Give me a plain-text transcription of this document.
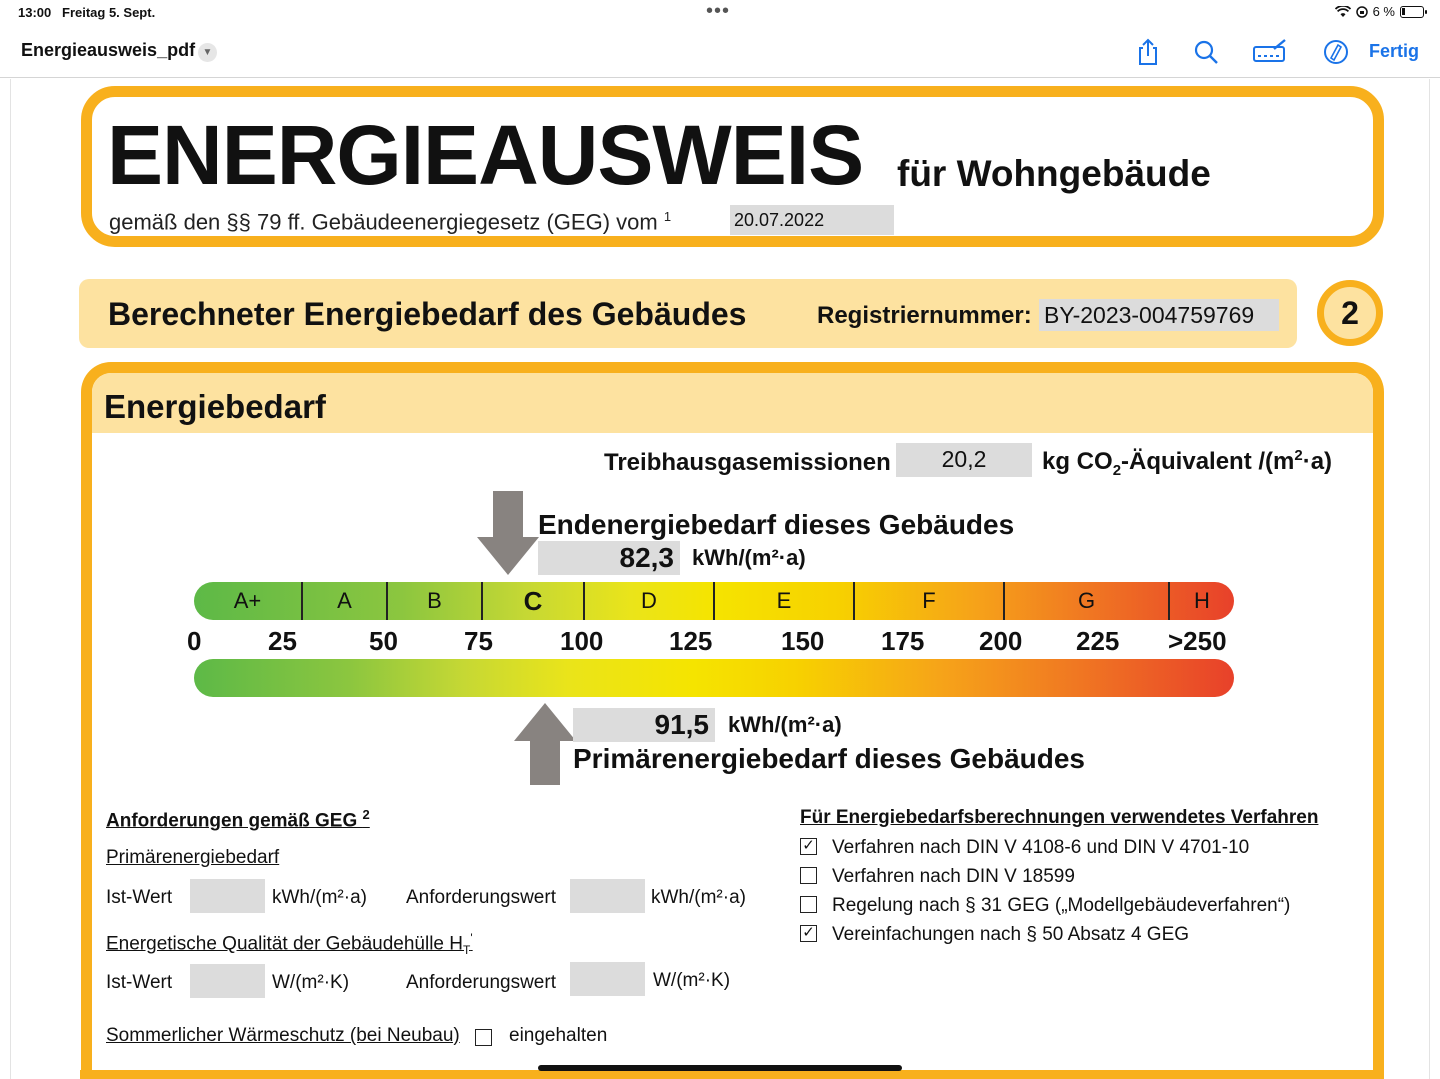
13:00 Freitag 5. Sept.	•••	6 %
Energieausweis_pdf ▼	Fertig
ENERGIEAUSWEIS für Wohngebäude
gemäß den §§ 79 ff. Gebäudeenergiegesetz (GEG) vom $^1$	20.07.2022
Berechneter Energiebedarf des Gebäudes	Registriernummer: BY-2023-004759769	2
Energiebedarf
Treibhausgasemissionen	20,2	kg $CO_2$-Äquivalent $/(m^2\cdot a)$
Endenergiebedarf dieses Gebäudes
82,3 kWh/(m²·a)
A+	A	B	C	D	E	F	G	H
0	25	50	75	100	125	150 175 200 225 >250
91,5 kWh/(m²·a)
Primärenergiebedarf dieses Gebäudes
Anforderungen gemäß GEG $^2$
Primärenergiebedarf
Ist-Wert	kWh/(m²·a) Anforderungswert	kWh/(m²·a)
Energetische Qualität der Gebäudehülle $H_T'$
Ist-Wert	W/(m²·K)	Anforderungswert	W/(m²·K)
Sommerlicher Wärmeschutz (bei Neubau)	eingehalten
Für Energiebedarfsberechnungen verwendetes Verfahren
✓ Verfahren nach DIN V 4108-6 und DIN V 4701-10
Verfahren nach DIN V 18599
Regelung nach § 31 GEG („Modellgebäudeverfahren“)
✓ Vereinfachungen nach § 50 Absatz 4 GEG
